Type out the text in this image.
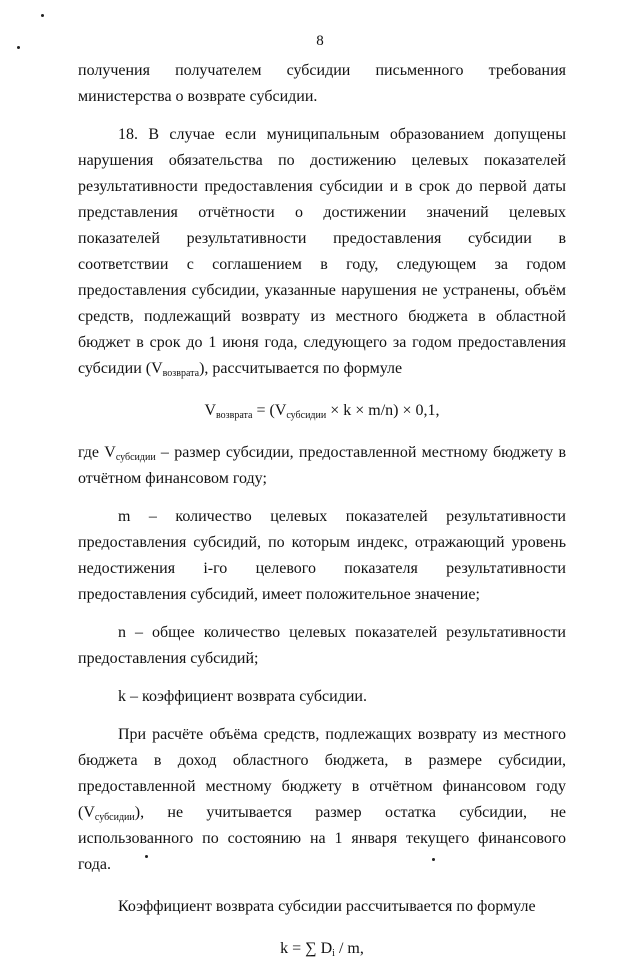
8

получения получателем субсидии письменного требования министерства о возврате субсидии.

18. В случае если муниципальным образованием допущены нарушения обязательства по достижению целевых показателей результативности предоставления субсидии и в срок до первой даты представления отчётности о достижении значений целевых показателей результативности предоставления субсидии в соответствии с соглашением в году, следующем за годом предоставления субсидии, указанные нарушения не устранены, объём средств, подлежащий возврату из местного бюджета в областной бюджет в срок до 1 июня года, следующего за годом предоставления субсидии $(V_{возврата})$, рассчитывается по формуле

$V_{возврата} = (V_{субсидии} \times k \times m/n) \times 0,1$,

где $V_{субсидии}$ – размер субсидии, предоставленной местному бюджету в отчётном финансовом году;

m – количество целевых показателей результативности предоставления субсидий, по которым индекс, отражающий уровень недостижения i-го целевого показателя результативности предоставления субсидий, имеет положительное значение;

n – общее количество целевых показателей результативности предоставления субсидий;

k – коэффициент возврата субсидии.

При расчёте объёма средств, подлежащих возврату из местного бюджета в доход областного бюджета, в размере субсидии, предоставленной местному бюджету в отчётном финансовом году $(V_{субсидии})$, не учитывается размер остатка субсидии, не использованного по состоянию на 1 января текущего финансового года.

Коэффициент возврата субсидии рассчитывается по формуле

k = ∑ $D_i$ / m,
